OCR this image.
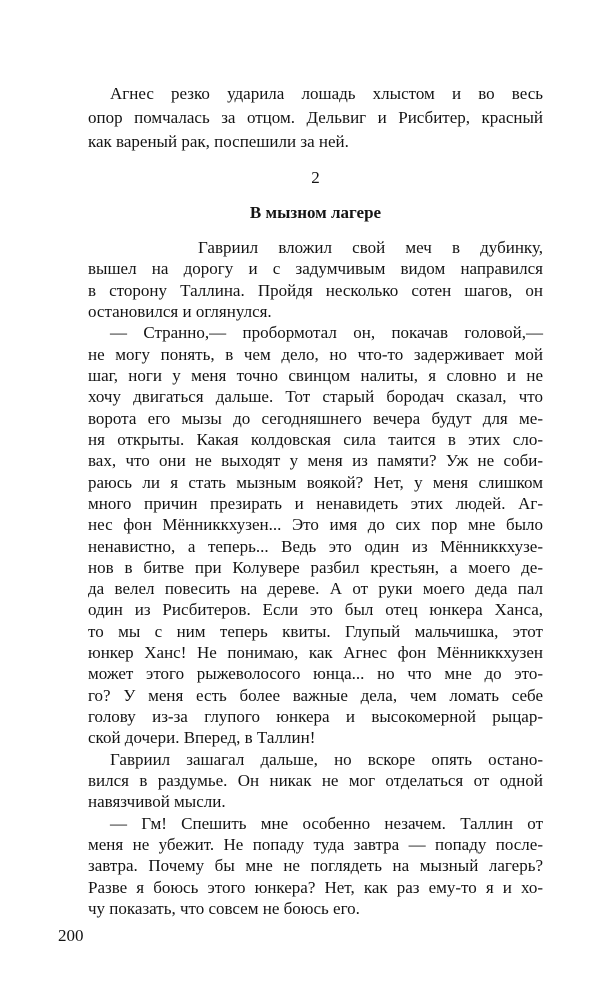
Агнес резко ударила лошадь хлыстом и во весь
опор помчалась за отцом. Дельвиг и Рисбитер, красный
как вареный рак, поспешили за ней.
2
В мызном лагере
Гавриил вложил свой меч в дубинку,
вышел на дорогу и с задумчивым видом направился
в сторону Таллина. Пройдя несколько сотен шагов, он
остановился и оглянулся.
— Странно,— пробормотал он, покачав головой,—
не могу понять, в чем дело, но что-то задерживает мой
шаг, ноги у меня точно свинцом налиты, я словно и не
хочу двигаться дальше. Тот старый бородач сказал, что
ворота его мызы до сегодняшнего вечера будут для ме-
ня открыты. Какая колдовская сила таится в этих сло-
вах, что они не выходят у меня из памяти? Уж не соби-
раюсь ли я стать мызным воякой? Нет, у меня слишком
много причин презирать и ненавидеть этих людей. Аг-
нес фон Мённиккхузен... Это имя до сих пор мне было
ненавистно, а теперь... Ведь это один из Мённиккхузе-
нов в битве при Колувере разбил крестьян, а моего де-
да велел повесить на дереве. А от руки моего деда пал
один из Рисбитеров. Если это был отец юнкера Ханса,
то мы с ним теперь квиты. Глупый мальчишка, этот
юнкер Ханс! Не понимаю, как Агнес фон Мённиккхузен
может этого рыжеволосого юнца... но что мне до это-
го? У меня есть более важные дела, чем ломать себе
голову из-за глупого юнкера и высокомерной рыцар-
ской дочери. Вперед, в Таллин!
Гавриил зашагал дальше, но вскоре опять остано-
вился в раздумье. Он никак не мог отделаться от одной
навязчивой мысли.
— Гм! Спешить мне особенно незачем. Таллин от
меня не убежит. Не попаду туда завтра — попаду после-
завтра. Почему бы мне не поглядеть на мызный лагерь?
Разве я боюсь этого юнкера? Нет, как раз ему-то я и хо-
чу показать, что совсем не боюсь его.
200
